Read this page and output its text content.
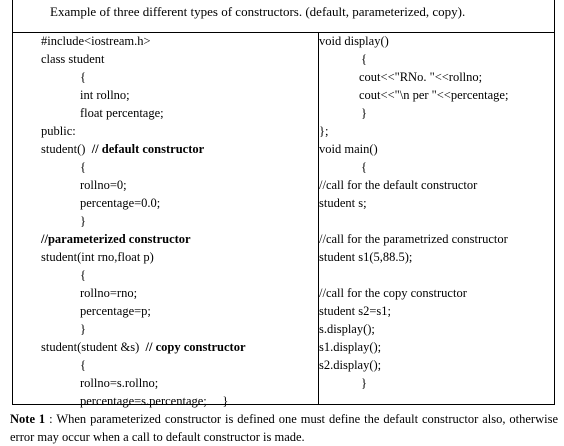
Example of three different types of constructors. (default, parameterized, copy).
#include<iostream.h>
class student
{
int rollno;
float percentage;
public:
student()  // default constructor
{
rollno=0;
percentage=0.0;
}
//parameterized constructor
student(int rno,float p)
{
rollno=rno;
percentage=p;
}
student(student &s)  // copy constructor
{
rollno=s.rollno;
percentage=s.percentage;     }
void display()
{
cout<<"RNo. "<<rollno;
cout<<"\n per "<<percentage;
}
};
void main()
{
//call for the default constructor
student s;
//call for the parametrized constructor
student s1(5,88.5);
//call for the copy constructor
student s2=s1;
s.display();
s1.display();
s2.display();
}
Note 1 : When parameterized constructor is defined one must define the default constructor also, otherwise error may occur when a call to default constructor is made.
